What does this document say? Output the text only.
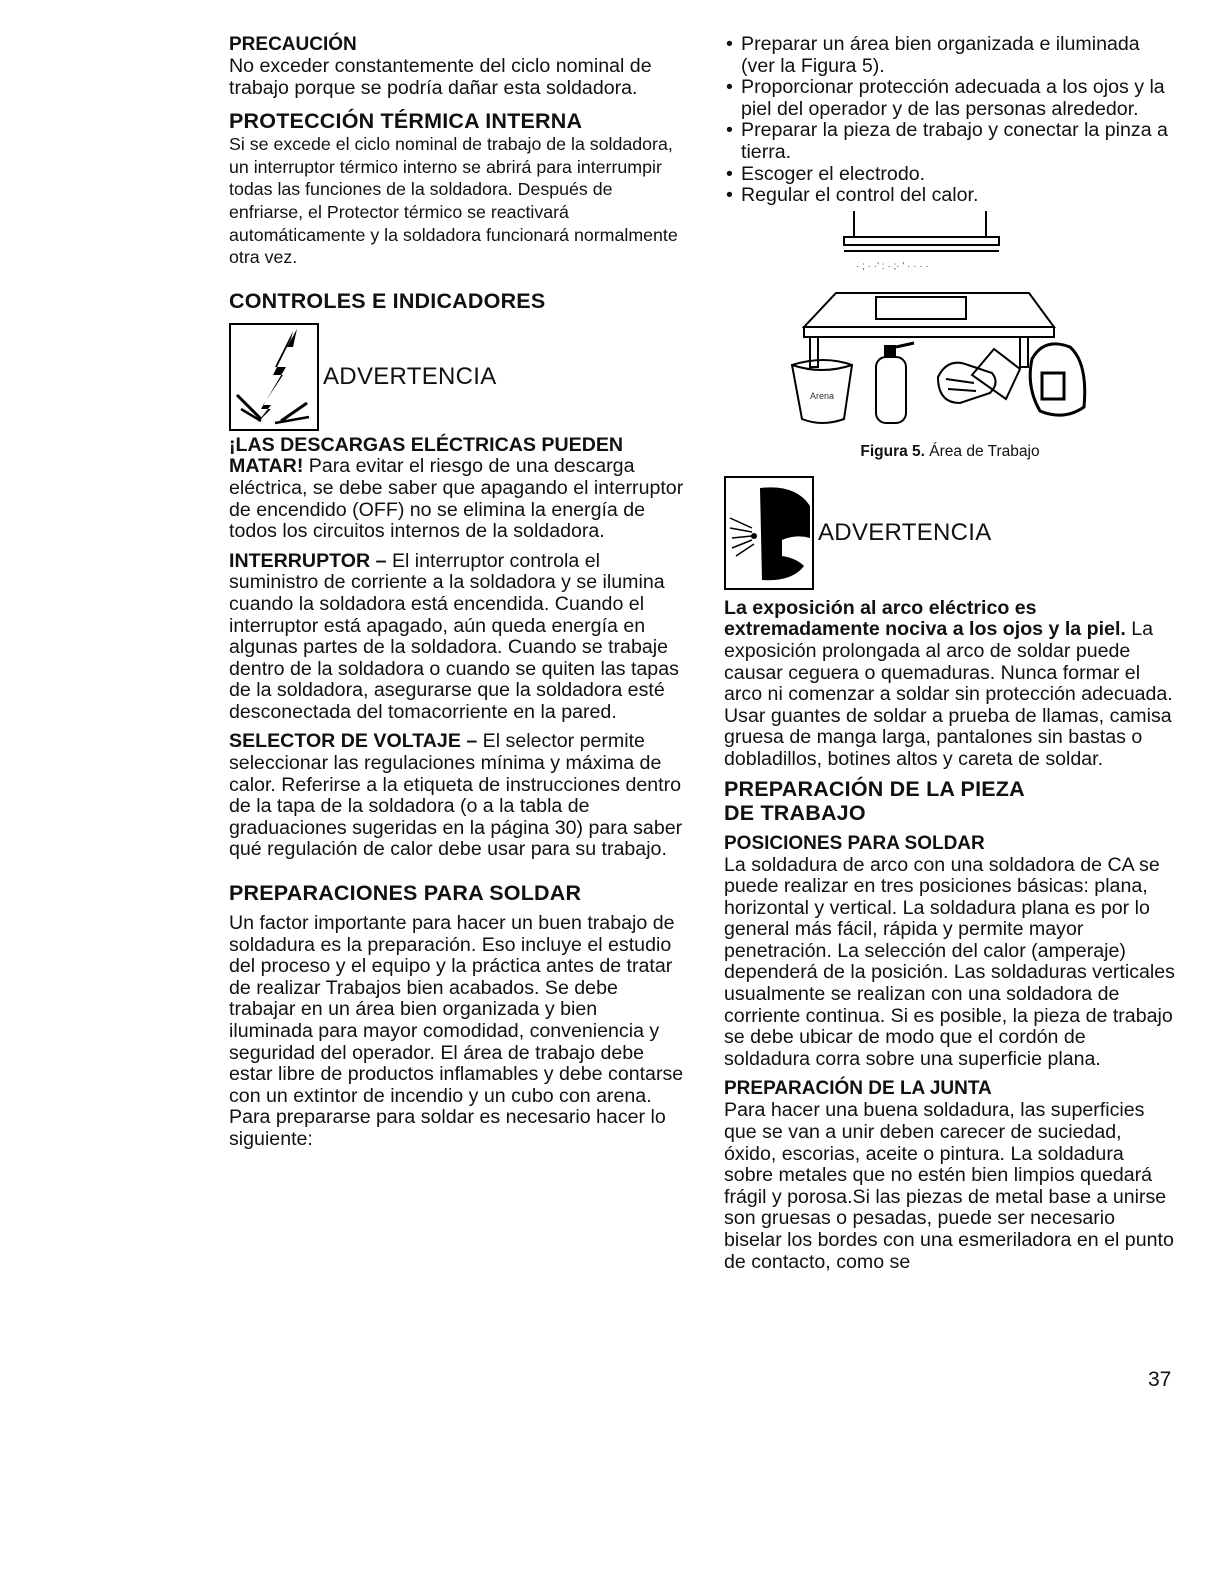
PRECAUCIÓN

No exceder constantemente del ciclo nominal de trabajo porque se podría dañar esta soldadora.

PROTECCIÓN TÉRMICA INTERNA

Si se excede el ciclo nominal de trabajo de la soldadora, un interruptor térmico interno se abrirá para interrumpir todas las funciones de la soldadora. Después de enfriarse, el Protector térmico se reactivará automáticamente y la soldadora funcionará normalmente otra vez.

CONTROLES E INDICADORES

ADVERTENCIA

¡LAS DESCARGAS ELÉCTRICAS PUEDEN MATAR! Para evitar el riesgo de una descarga eléctrica, se debe saber que apagando el interruptor de encendido (OFF) no se elimina la energía de todos los circuitos internos de la soldadora.

INTERRUPTOR – El interruptor controla el suministro de corriente a la soldadora y se ilumina cuando la soldadora está encendida. Cuando el interruptor está apagado, aún queda energía en algunas partes de la soldadora. Cuando se trabaje dentro de la soldadora o cuando se quiten las tapas de la soldadora, asegurarse que la soldadora esté desconectada del tomacorriente en la pared.

SELECTOR DE VOLTAJE – El selector permite seleccionar las regulaciones mínima y máxima de calor. Referirse a la etiqueta de instrucciones dentro de la tapa de la soldadora (o a la tabla de graduaciones sugeridas en la página 30) para saber qué regulación de calor debe usar para su trabajo.

PREPARACIONES PARA SOLDAR

Un factor importante para hacer un buen trabajo de soldadura es la preparación. Eso incluye el estudio del proceso y el equipo y la práctica antes de tratar de realizar Trabajos bien acabados. Se debe trabajar en un área bien organizada y bien iluminada para mayor comodidad, conveniencia y seguridad del operador. El área de trabajo debe estar libre de productos inflamables y debe contarse con un extintor de incendio y un cubo con arena.

Para prepararse para soldar es necesario hacer lo siguiente:

• Preparar un área bien organizada e iluminada (ver la Figura 5).
• Proporcionar protección adecuada a los ojos y la piel del operador y de las personas alrededor.
• Preparar la pieza de trabajo y conectar la pinza a tierra.
• Escoger el electrodo.
• Regular el control del calor.
· ; · ·' : · ;· ' · · · ·
Arena
Figura 5. Área de Trabajo
ADVERTENCIA

La exposición al arco eléctrico es extremadamente nociva a los ojos y la piel. La exposición prolongada al arco de soldar puede causar ceguera o quemaduras. Nunca formar el arco ni comenzar a soldar sin protección adecuada. Usar guantes de soldar a prueba de llamas, camisa gruesa de manga larga, pantalones sin bastas o dobladillos, botines altos y careta de soldar.

PREPARACIÓN DE LA PIEZA DE TRABAJO

POSICIONES PARA SOLDAR

La soldadura de arco con una soldadora de CA se puede realizar en tres posiciones básicas: plana, horizontal y vertical. La soldadura plana es por lo general más fácil, rápida y permite mayor penetración. La selección del calor (amperaje) dependerá de la posición. Las soldaduras verticales usualmente se realizan con una soldadora de corriente continua. Si es posible, la pieza de trabajo se debe ubicar de modo que el cordón de soldadura corra sobre una superficie plana.

PREPARACIÓN DE LA JUNTA

Para hacer una buena soldadura, las superficies que se van a unir deben carecer de suciedad, óxido, escorias, aceite o pintura. La soldadura sobre metales que no estén bien limpios quedará frágil y porosa.Si las piezas de metal base a unirse son gruesas o pesadas, puede ser necesario biselar los bordes con una esmeriladora en el punto de contacto, como se

37
